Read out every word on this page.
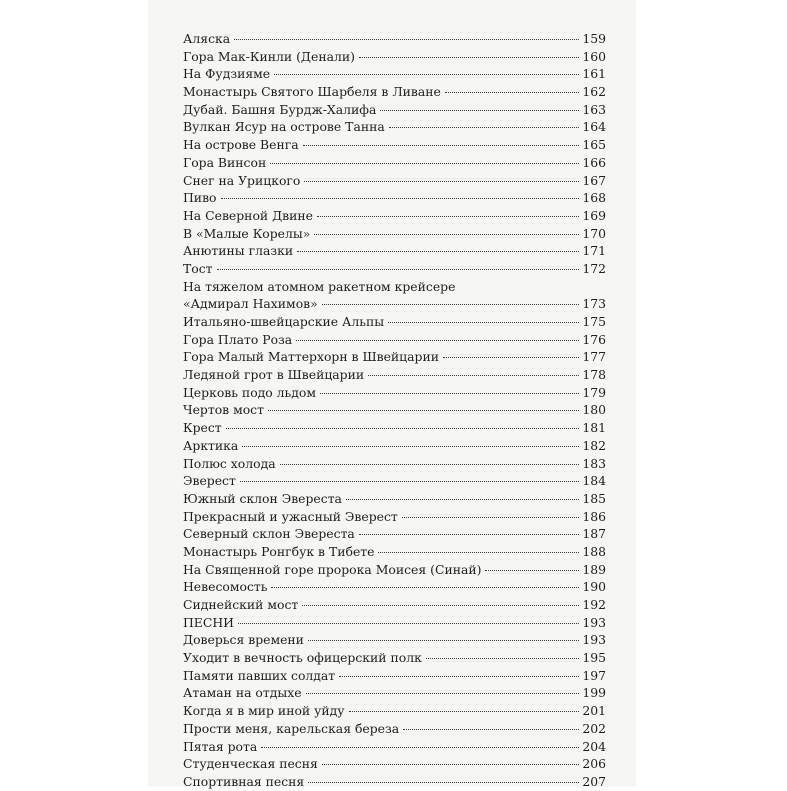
Аляска	159
Гора Мак-Кинли (Денали)	160
На Фудзияме	161
Монастырь Святого Шарбеля в Ливане	162
Дубай. Башня Бурдж-Халифа	163
Вулкан Ясур на острове Танна	164
На острове Венга	165
Гора Винсон	166
Снег на Урицкого	167
Пиво	168
На Северной Двине	169
В «Малые Корелы»	170
Анютины глазки	171
Тост	172
На тяжелом атомном ракетном крейсере
«Адмирал Нахимов»	173
Итальяно-швейцарские Альпы	175
Гора Плато Роза	176
Гора Малый Маттерхорн в Швейцарии	177
Ледяной грот в Швейцарии	178
Церковь подо льдом	179
Чертов мост	180
Крест	181
Арктика	182
Полюс холода	183
Эверест	184
Южный склон Эвереста	185
Прекрасный и ужасный Эверест	186
Северный склон Эвереста	187
Монастырь Ронгбук в Тибете	188
На Священной горе пророка Моисея (Синай)	189
Невесомость	190
Сиднейский мост	192
ПЕСНИ	193
Доверься времени	193
Уходит в вечность офицерский полк	195
Памяти павших солдат	197
Атаман на отдыхе	199
Когда я в мир иной уйду	201
Прости меня, карельская береза	202
Пятая рота	204
Студенческая песня	206
Спортивная песня	207
